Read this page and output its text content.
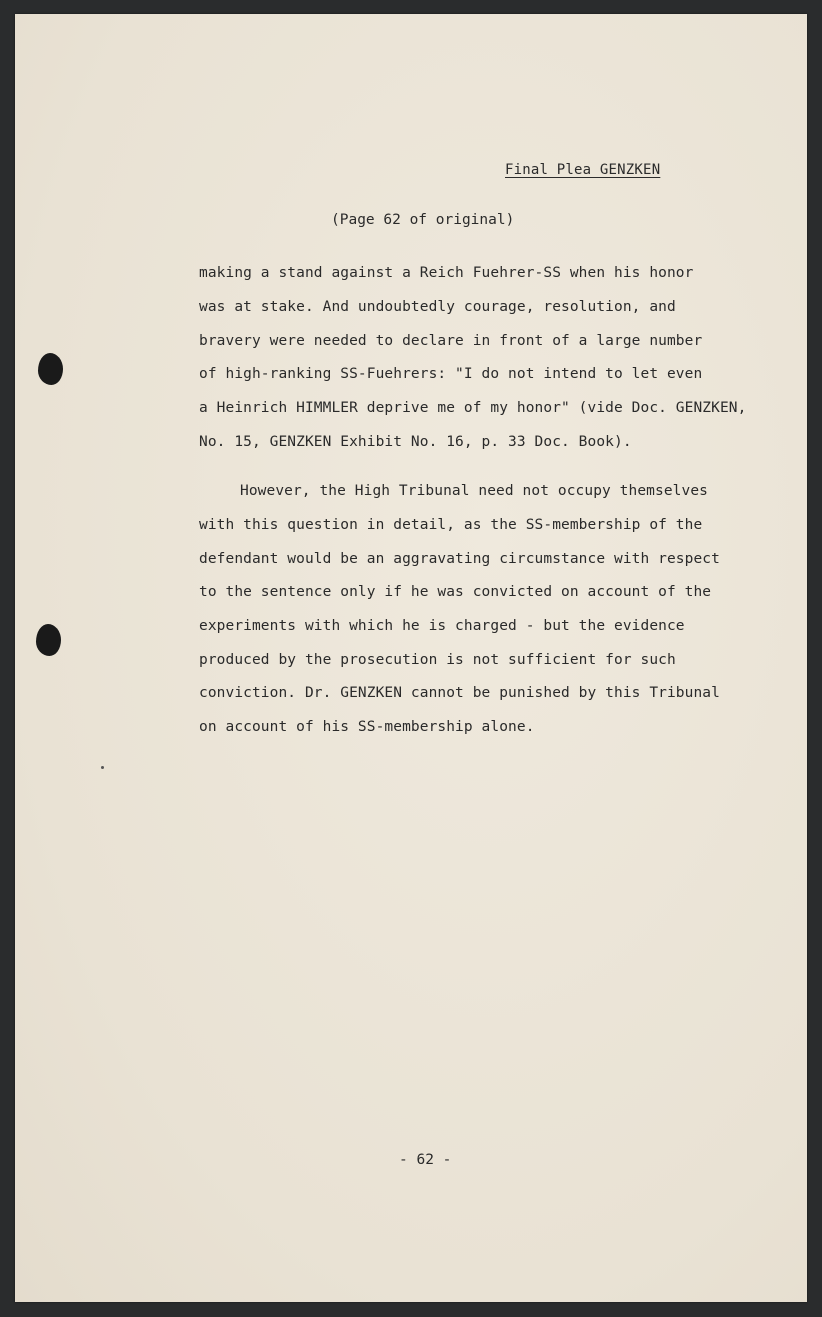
Final Plea GENZKEN
(Page 62 of original)
making a stand against a Reich Fuehrer-SS when his honor
was at stake. And undoubtedly courage, resolution, and
bravery were needed to declare in front of a large number
of high-ranking SS-Fuehrers: "I do not intend to let even
a Heinrich HIMMLER deprive me of my honor" (vide Doc. GENZKEN,
No. 15, GENZKEN Exhibit No. 16, p. 33 Doc. Book).
However, the High Tribunal need not occupy themselves
with this question in detail, as the SS-membership of the
defendant would be an aggravating circumstance with respect
to the sentence only if he was convicted on account of the
experiments with which he is charged - but the evidence
produced by the prosecution is not sufficient for such
conviction. Dr. GENZKEN cannot be punished by this Tribunal
on account of his SS-membership alone.
- 62 -
